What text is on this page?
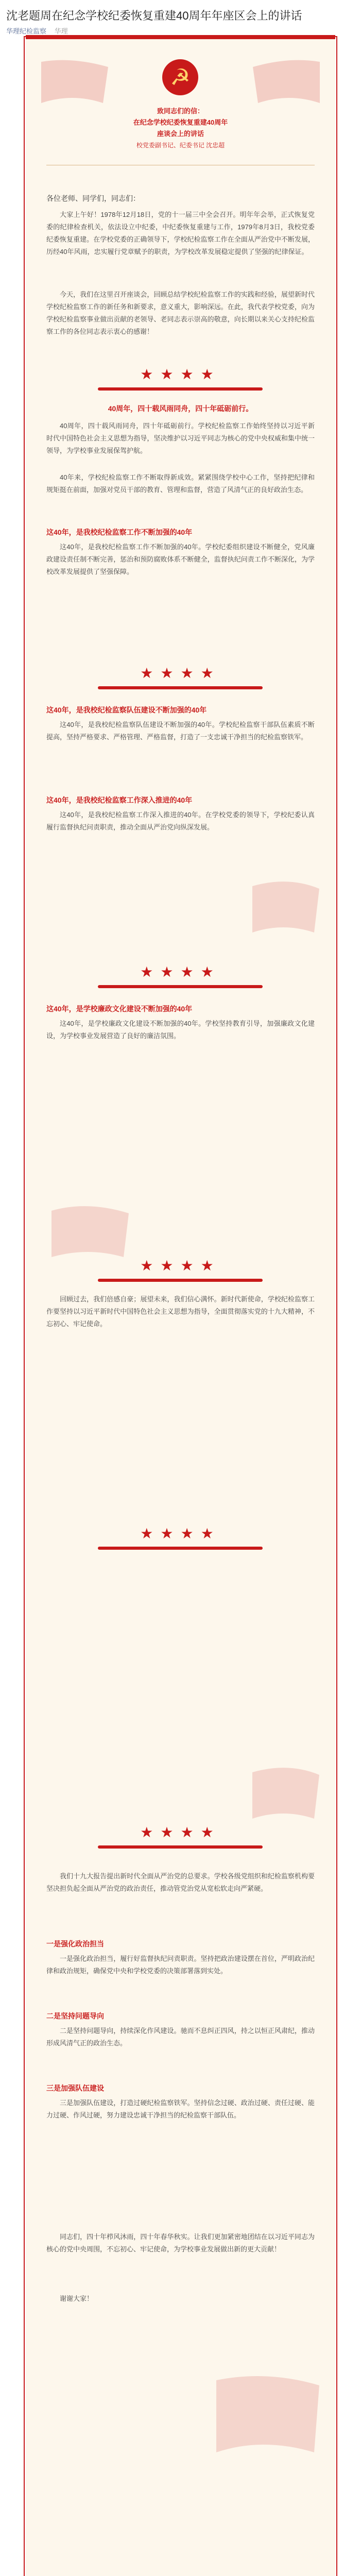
沈老题周在纪念学校纪委恢复重建40周年年座区会上的讲话
华理纪检监察 华理
☭
致同志们的信：
在纪念学校纪委恢复重建40周年
座谈会上的讲话
校党委副书记、纪委书记 沈忠超
各位老师、同学们，同志们：

大家上午好！1978年12月18日，党的十一届三中全会召开。明年年会举，正式恢复党委的纪律检查机关，依法设立中纪委，中纪委恢复重建与工作，1979年8月3日，我校党委纪委恢复重建。在学校党委的正确领导下，学校纪检监察工作在全面从严治党中不断发展，历经40年风雨，忠实履行党章赋予的职责，为学校改革发展稳定提供了坚强的纪律保证。

今天，我们在这里召开座谈会，回顾总结学校纪检监察工作的实践和经验，展望新时代学校纪检监察工作的新任务和新要求，意义重大，影响深远。在此，我代表学校党委，向为学校纪检监察事业做出贡献的老领导、老同志表示崇高的敬意，向长期以来关心支持纪检监察工作的各位同志表示衷心的感谢！

★★★★
40周年，四十载风雨同舟，四十年砥砺前行。

40周年，四十载风雨同舟，四十年砥砺前行。学校纪检监察工作始终坚持以习近平新时代中国特色社会主义思想为指导，坚决维护以习近平同志为核心的党中央权威和集中统一领导，为学校事业发展保驾护航。

40年来，学校纪检监察工作不断取得新成效。紧紧围绕学校中心工作，坚持把纪律和规矩挺在前面，加强对党员干部的教育、管理和监督，营造了风清气正的良好政治生态。

这40年，是我校纪检监察工作不断加强的40年

这40年，是我校纪检监察工作不断加强的40年。学校纪委组织建设不断健全，党风廉政建设责任制不断完善，惩治和预防腐败体系不断健全，监督执纪问责工作不断深化，为学校改革发展提供了坚强保障。

★★★★
这40年，是我校纪检监察队伍建设不断加强的40年

这40年，是我校纪检监察队伍建设不断加强的40年。学校纪检监察干部队伍素质不断提高，坚持严格要求、严格管理、严格监督，打造了一支忠诚干净担当的纪检监察铁军。

这40年，是我校纪检监察工作深入推进的40年

这40年，是我校纪检监察工作深入推进的40年。在学校党委的领导下，学校纪委认真履行监督执纪问责职责，推动全面从严治党向纵深发展。

★★★★
这40年，是学校廉政文化建设不断加强的40年

这40年，是学校廉政文化建设不断加强的40年。学校坚持教育引导，加强廉政文化建设，为学校事业发展营造了良好的廉洁氛围。

★★★★

回顾过去，我们倍感自豪；展望未来，我们信心满怀。新时代新使命，学校纪检监察工作要坚持以习近平新时代中国特色社会主义思想为指导，全面贯彻落实党的十九大精神，不忘初心、牢记使命。

★★★★

我们十九大报告提出新时代全面从严治党的总要求。学校各级党组织和纪检监察机构要坚决担负起全面从严治党的政治责任，推动管党治党从宽松软走向严紧硬。

★★★★
一是强化政治担当

一是强化政治担当，履行好监督执纪问责职责。坚持把政治建设摆在首位，严明政治纪律和政治规矩，确保党中央和学校党委的决策部署落到实处。

二是坚持问题导向

二是坚持问题导向，持续深化作风建设。驰而不息纠正四风，持之以恒正风肃纪，推动形成风清气正的政治生态。

三是加强队伍建设

三是加强队伍建设，打造过硬纪检监察铁军。坚持信念过硬、政治过硬、责任过硬、能力过硬、作风过硬，努力建设忠诚干净担当的纪检监察干部队伍。

同志们，四十年栉风沐雨，四十年春华秋实。让我们更加紧密地团结在以习近平同志为核心的党中央周围，不忘初心、牢记使命，为学校事业发展做出新的更大贡献！

谢谢大家！
